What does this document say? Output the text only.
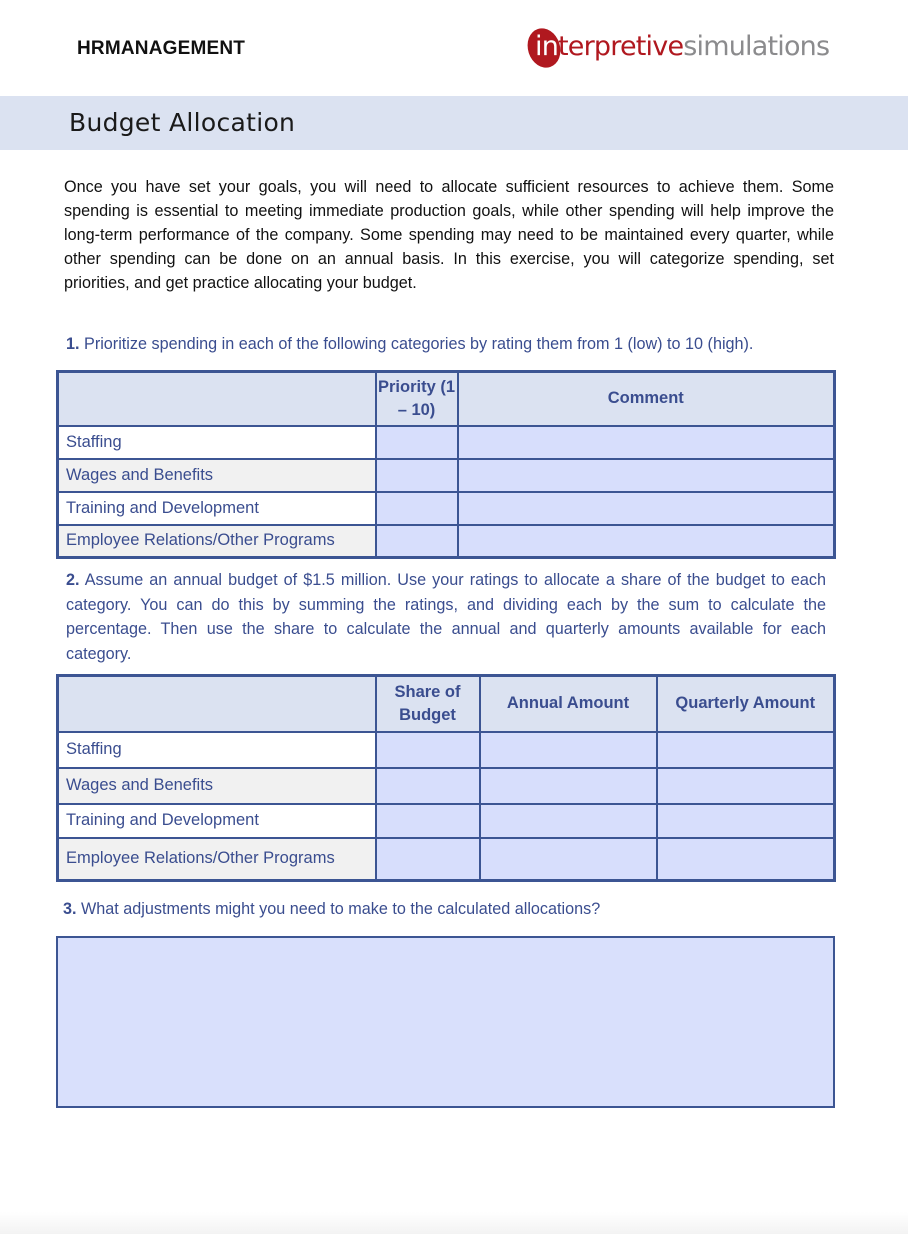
HRMANAGEMENT	interpretivesimulations
Budget Allocation

Once you have set your goals, you will need to allocate sufficient resources to achieve them. Some spending is essential to meeting immediate production goals, while other spending will help improve the long-term performance of the company. Some spending may need to be maintained every quarter, while other spending can be done on an annual basis. In this exercise, you will categorize spending, set priorities, and get practice allocating your budget.

1. Prioritize spending in each of the following categories by rating them from 1 (low) to 10 (high).

	Priority (1 – 10)	Comment
Staffing		
Wages and Benefits		
Training and Development		
Employee Relations/Other Programs		

2. Assume an annual budget of $1.5 million. Use your ratings to allocate a share of the budget to each category. You can do this by summing the ratings, and dividing each by the sum to calculate the percentage. Then use the share to calculate the annual and quarterly amounts available for each category.

	Share of Budget	Annual Amount	Quarterly Amount
Staffing			
Wages and Benefits			
Training and Development			
Employee Relations/Other Programs			

3. What adjustments might you need to make to the calculated allocations?
